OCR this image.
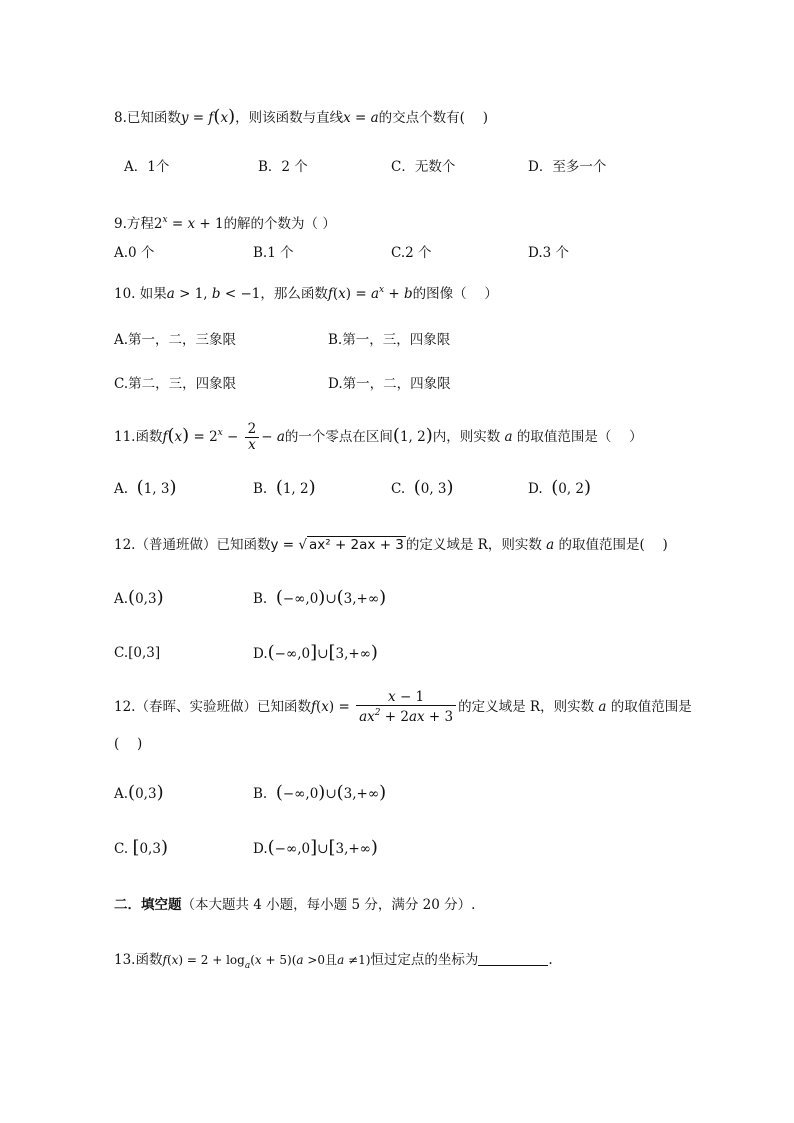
8.已知函数y = f(x)，则该函数与直线x = a的交点个数有(　 )
A．1个	B．2 个	C．无数个	D．至多一个
9.方程$2^x = x + 1$的解的个数为（ ）
A.0 个	B.1 个	C.2 个	D.3 个
10. 如果a > 1, b < −1，那么函数$f(x) = a^x + b$的图像（　 ）
A.第一，二，三象限	B.第一，三，四象限
C.第二，三，四象限	D.第一，二，四象限
11.函数$f(x) = 2^x - \frac{2}{x} - a$的一个零点在区间(1, 2)内，则实数 a 的取值范围是（　 ）
A. (1, 3)	B. (1, 2)	C. (0, 3)	D. (0, 2)
12.（普通班做）已知函数y = √ ax² + 2ax + 3 的定义域是 R，则实数 a 的取值范围是(　 )
A.(0,3)	B. (−∞,0)∪(3,+∞)
C.[0,3]	D.(−∞,0]∪[3,+∞)
12.（春晖、实验班做）已知函数$f(x) = \frac{x - 1}{ax^2 + 2ax + 3}$ 的定义域是 R，则实数 a 的取值范围是
(　 )
A.(0,3)	B. (−∞,0)∪(3,+∞)
C. [0,3)	D.(−∞,0]∪[3,+∞)
二．填空题（本大题共 4 小题，每小题 5 分，满分 20 分）.
13.函数$f(x) = 2 + \log_a(x + 5)(a >0$且a ≠1)恒过定点的坐标为	.
